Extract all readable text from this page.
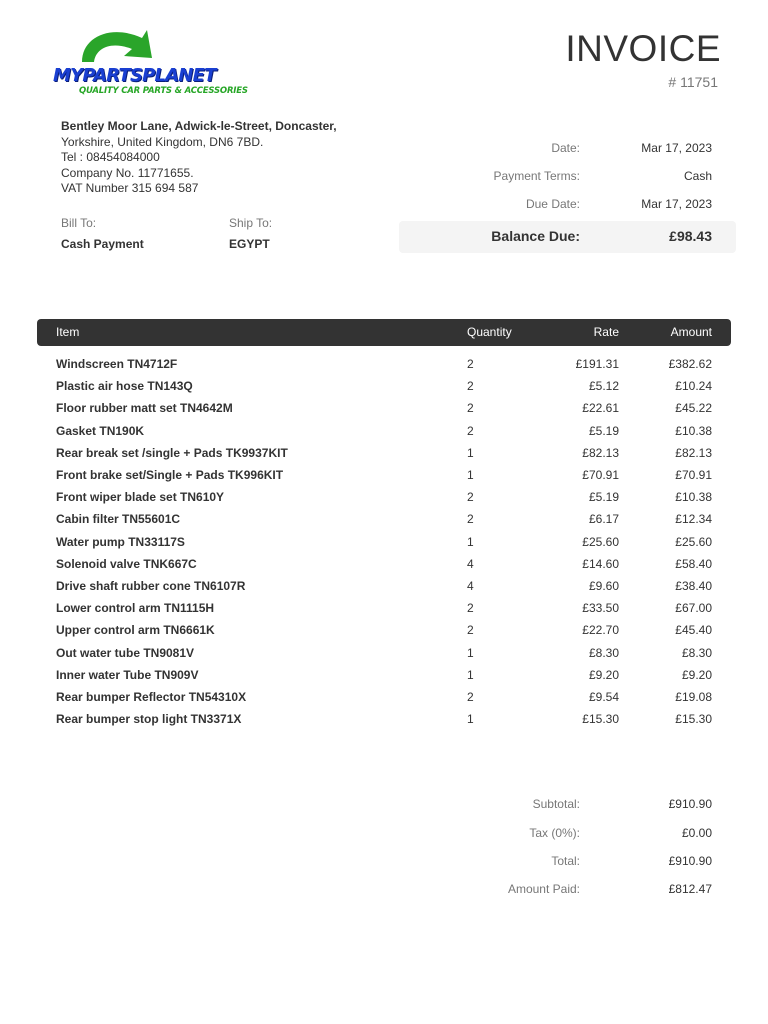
MYPARTSPLANET
QUALITY CAR PARTS & ACCESSORIES
INVOICE
# 11751
Bentley Moor Lane, Adwick-le-Street, Doncaster,
Yorkshire, United Kingdom, DN6 7BD.
Tel : 08454084000
Company No. 11771655.
VAT Number 315 694 587
Bill To:
Cash Payment
Ship To:
EGYPT
Date:	Mar 17, 2023
Payment Terms:	Cash
Due Date:	Mar 17, 2023
Balance Due:	£98.43
Item	Quantity	Rate	Amount
Windscreen TN4712F	2	£191.31	£382.62
Plastic air hose TN143Q	2	£5.12	£10.24
Floor rubber matt set TN4642M	2	£22.61	£45.22
Gasket TN190K	2	£5.19	£10.38
Rear break set /single + Pads TK9937KIT	1	£82.13	£82.13
Front brake set/Single + Pads TK996KIT	1	£70.91	£70.91
Front wiper blade set TN610Y	2	£5.19	£10.38
Cabin filter TN55601C	2	£6.17	£12.34
Water pump TN33117S	1	£25.60	£25.60
Solenoid valve TNK667C	4	£14.60	£58.40
Drive shaft rubber cone TN6107R	4	£9.60	£38.40
Lower control arm TN1115H	2	£33.50	£67.00
Upper control arm TN6661K	2	£22.70	£45.40
Out water tube TN9081V	1	£8.30	£8.30
Inner water Tube TN909V	1	£9.20	£9.20
Rear bumper Reflector TN54310X	2	£9.54	£19.08
Rear bumper stop light TN3371X	1	£15.30	£15.30
Subtotal:	£910.90
Tax (0%):	£0.00
Total:	£910.90
Amount Paid:	£812.47
